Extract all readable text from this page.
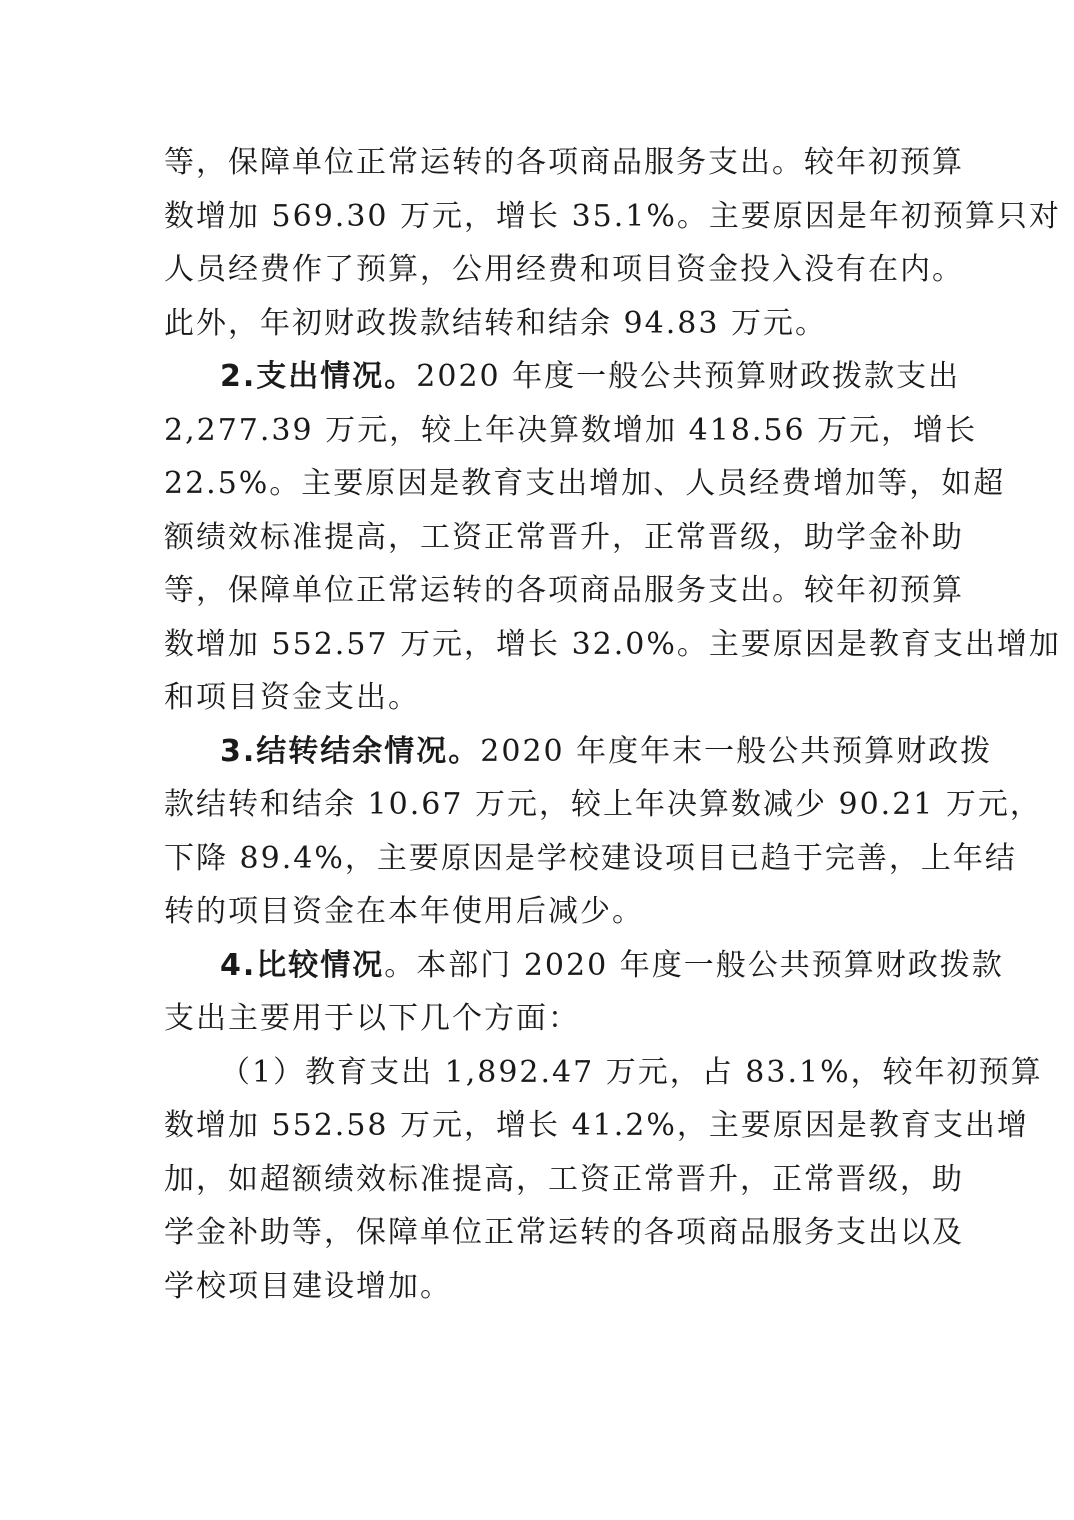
等，保障单位正常运转的各项商品服务支出。较年初预算
数增加 569.30 万元，增长 35.1%。主要原因是年初预算只对
人员经费作了预算，公用经费和项目资金投入没有在内。
此外，年初财政拨款结转和结余 94.83 万元。
2.支出情况。2020 年度一般公共预算财政拨款支出
2,277.39 万元，较上年决算数增加 418.56 万元，增长
22.5%。主要原因是教育支出增加、人员经费增加等，如超
额绩效标准提高，工资正常晋升，正常晋级，助学金补助
等，保障单位正常运转的各项商品服务支出。较年初预算
数增加 552.57 万元，增长 32.0%。主要原因是教育支出增加
和项目资金支出。
3.结转结余情况。2020 年度年末一般公共预算财政拨
款结转和结余 10.67 万元，较上年决算数减少 90.21 万元，
下降 89.4%，主要原因是学校建设项目已趋于完善，上年结
转的项目资金在本年使用后减少。
4.比较情况。本部门 2020 年度一般公共预算财政拨款
支出主要用于以下几个方面：
（1）教育支出 1,892.47 万元，占 83.1%，较年初预算
数增加 552.58 万元，增长 41.2%，主要原因是教育支出增
加，如超额绩效标准提高，工资正常晋升，正常晋级，助
学金补助等，保障单位正常运转的各项商品服务支出以及
学校项目建设增加。
